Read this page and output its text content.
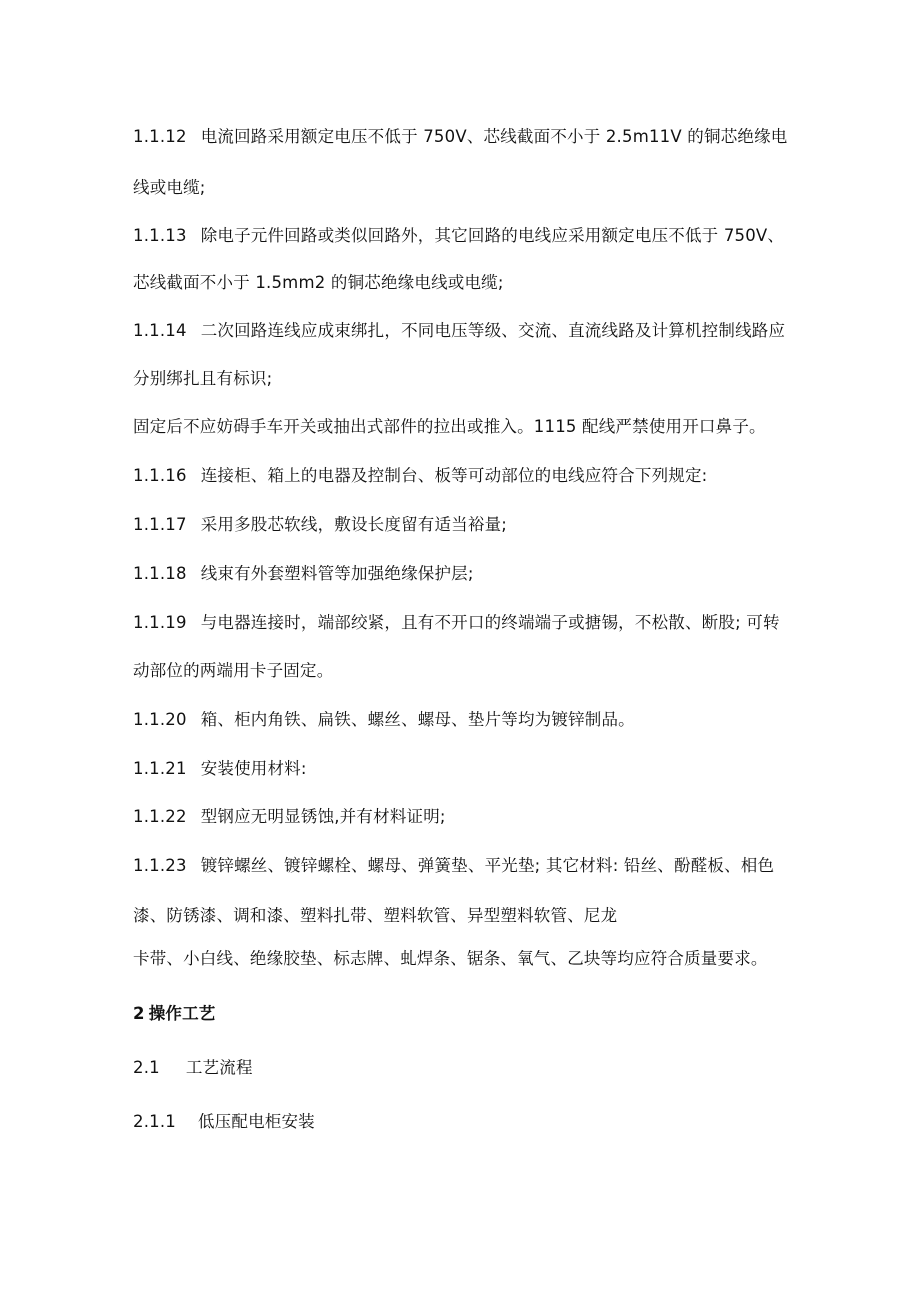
1.1.12 电流回路采用额定电压不低于 750V、芯线截面不小于 2.5m11V 的铜芯绝缘电
线或电缆;
1.1.13 除电子元件回路或类似回路外，其它回路的电线应采用额定电压不低于 750V、
芯线截面不小于 1.5mm2 的铜芯绝缘电线或电缆;
1.1.14 二次回路连线应成束绑扎，不同电压等级、交流、直流线路及计算机控制线路应
分别绑扎且有标识;
固定后不应妨碍手车开关或抽出式部件的拉出或推入。1115 配线严禁使用开口鼻子。
1.1.16 连接柜、箱上的电器及控制台、板等可动部位的电线应符合下列规定:
1.1.17 采用多股芯软线，敷设长度留有适当裕量;
1.1.18 线束有外套塑料管等加强绝缘保护层;
1.1.19 与电器连接时，端部绞紧，且有不开口的终端端子或搪锡，不松散、断股; 可转
动部位的两端用卡子固定。
1.1.20 箱、柜内角铁、扁铁、螺丝、螺母、垫片等均为镀锌制品。
1.1.21 安装使用材料:
1.1.22 型钢应无明显锈蚀,并有材料证明;
1.1.23 镀锌螺丝、镀锌螺栓、螺母、弹簧垫、平光垫; 其它材料: 铅丝、酚醛板、相色
漆、防锈漆、调和漆、塑料扎带、塑料软管、异型塑料软管、尼龙
卡带、小白线、绝缘胶垫、标志牌、虬焊条、锯条、氧气、乙块等均应符合质量要求。
2 操作工艺
2.1 工艺流程
2.1.1 低压配电柜安装
